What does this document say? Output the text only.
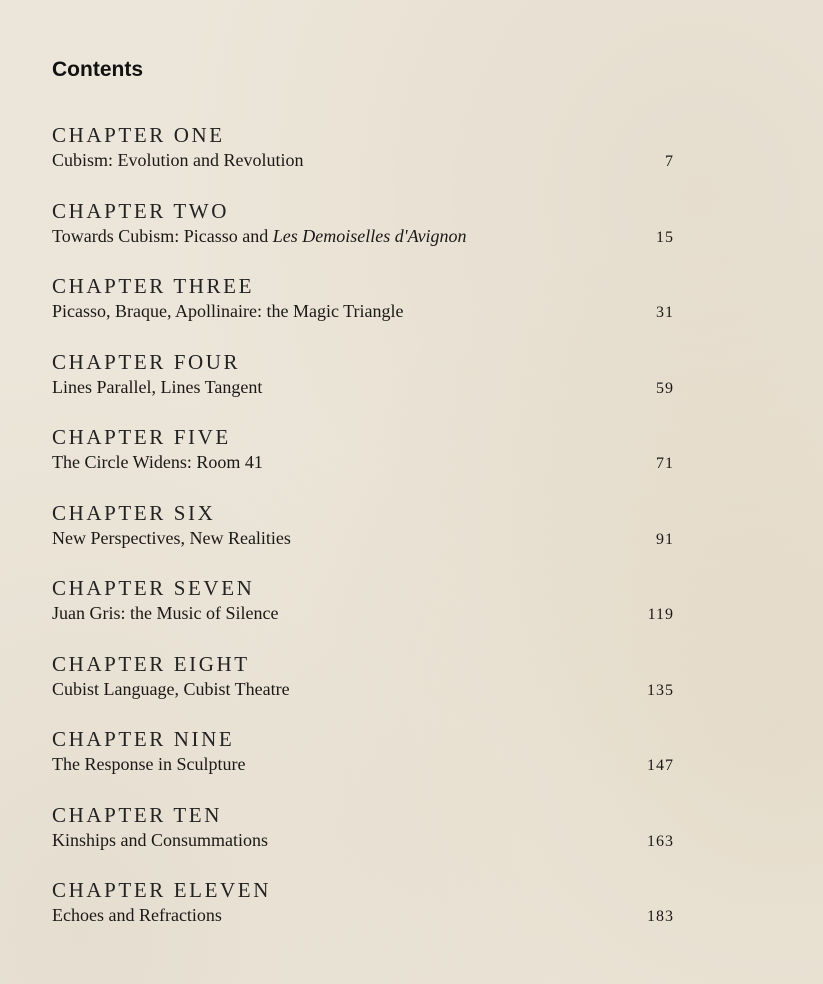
Contents
CHAPTER ONE
Cubism: Evolution and Revolution	7
CHAPTER TWO
Towards Cubism: Picasso and Les Demoiselles d'Avignon	15
CHAPTER THREE
Picasso, Braque, Apollinaire: the Magic Triangle	31
CHAPTER FOUR
Lines Parallel, Lines Tangent	59
CHAPTER FIVE
The Circle Widens: Room 41	71
CHAPTER SIX
New Perspectives, New Realities	91
CHAPTER SEVEN
Juan Gris: the Music of Silence	119
CHAPTER EIGHT
Cubist Language, Cubist Theatre	135
CHAPTER NINE
The Response in Sculpture	147
CHAPTER TEN
Kinships and Consummations	163
CHAPTER ELEVEN
Echoes and Refractions	183
